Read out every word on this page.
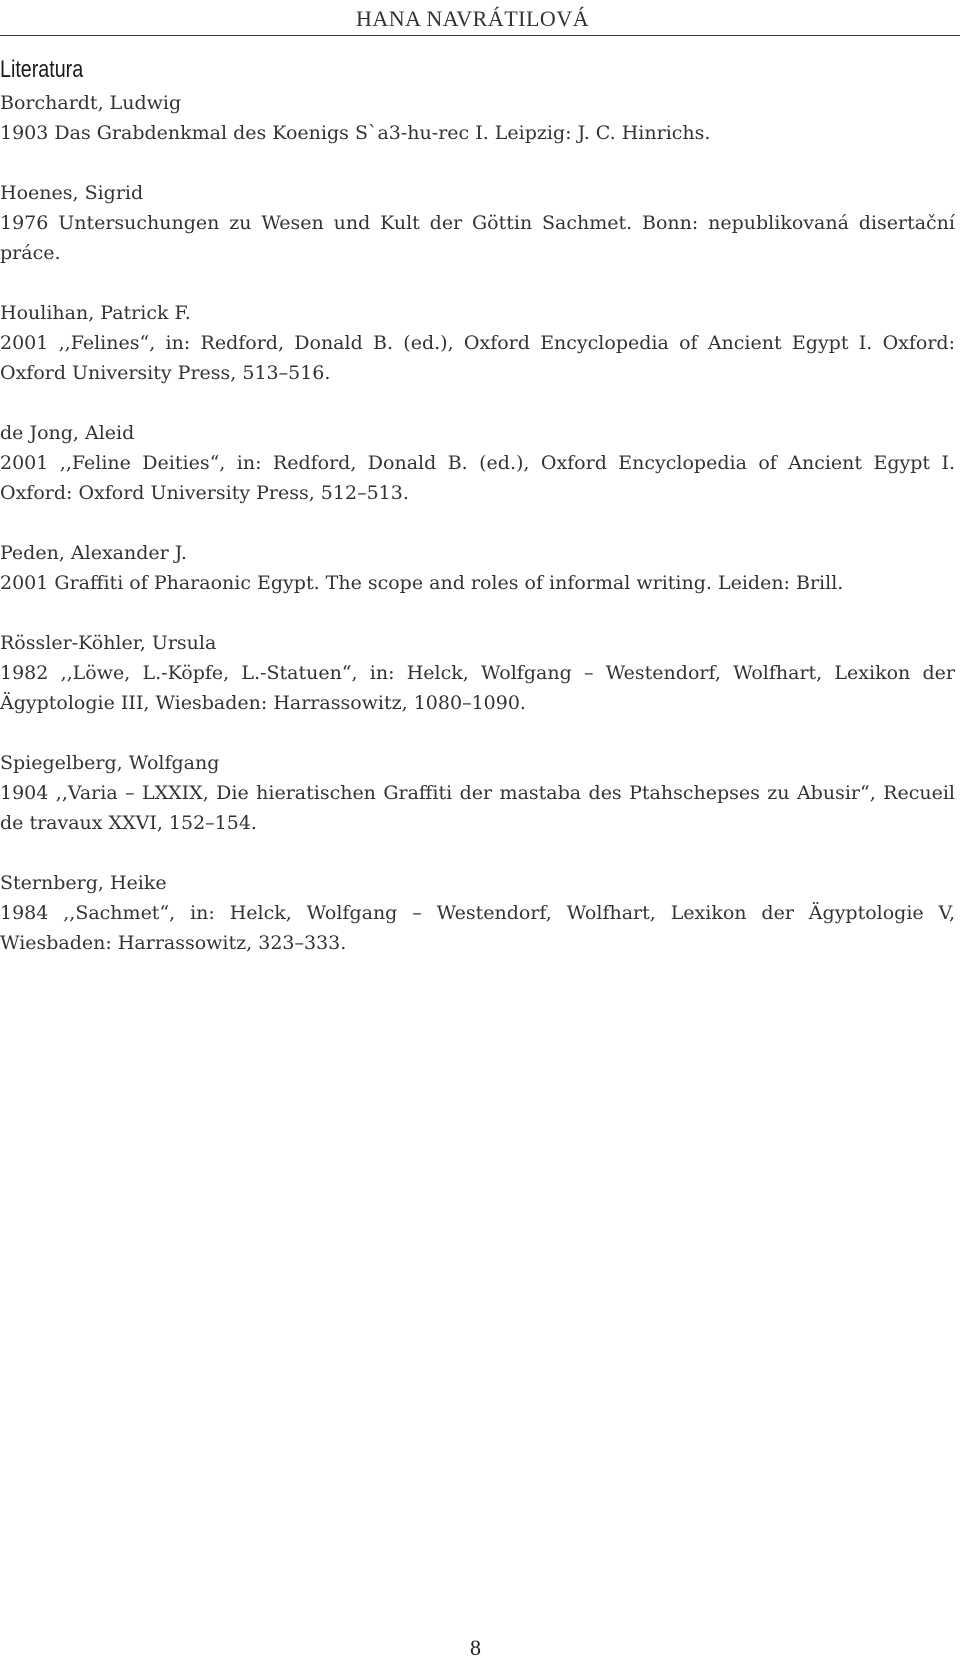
HANA NAVRÁTILOVÁ

Literatura

Borchardt, Ludwig

1903 Das Grabdenkmal des Koenigs S`a3-hu-rec I. Leipzig: J. C. Hinrichs.

Hoenes, Sigrid

1976 Untersuchungen zu Wesen und Kult der Göttin Sachmet. Bonn: nepublikovaná disertační práce.

Houlihan, Patrick F.

2001 ,,Felines“, in: Redford, Donald B. (ed.), Oxford Encyclopedia of Ancient Egypt I. Oxford: Oxford University Press, 513–516.

de Jong, Aleid

2001 ,,Feline Deities“, in: Redford, Donald B. (ed.), Oxford Encyclopedia of Ancient Egypt I. Oxford: Oxford University Press, 512–513.

Peden, Alexander J.

2001 Graffiti of Pharaonic Egypt. The scope and roles of informal writing. Leiden: Brill.

Rössler-Köhler, Ursula

1982 ,,Löwe, L.-Köpfe, L.-Statuen“, in: Helck, Wolfgang – Westendorf, Wolfhart, Lexikon der Ägyptologie III, Wiesbaden: Harrassowitz, 1080–1090.

Spiegelberg, Wolfgang

1904 ,,Varia – LXXIX, Die hieratischen Graffiti der mastaba des Ptahschepses zu Abusir“, Recueil de travaux XXVI, 152–154.

Sternberg, Heike

1984 ,,Sachmet“, in: Helck, Wolfgang – Westendorf, Wolfhart, Lexikon der Ägyptologie V, Wiesbaden: Harrassowitz, 323–333.

8
